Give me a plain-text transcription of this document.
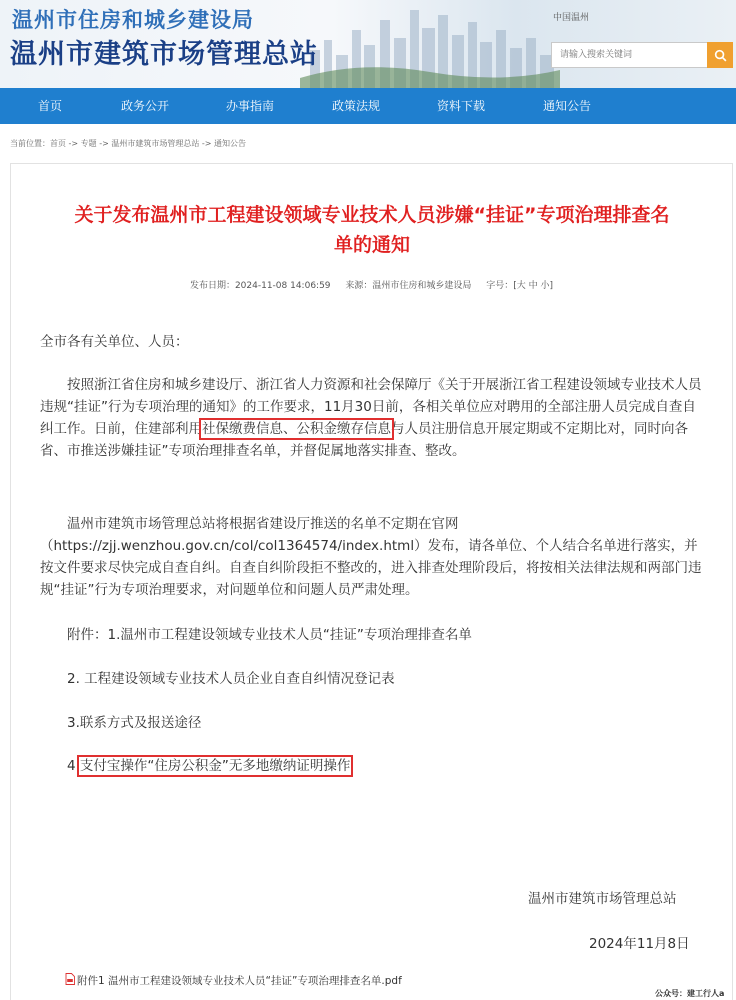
温州市住房和城乡建设局
温州市建筑市场管理总站
中国温州
请输入搜索关键词
首页	政务公开	办事指南	政策法规	资料下载	通知公告
当前位置：首页 -> 专题 -> 温州市建筑市场管理总站 -> 通知公告
关于发布温州市工程建设领域专业技术人员涉嫌“挂证”专项治理排查名
单的通知
发布日期：2024-11-08 14:06:59 来源：温州市住房和城乡建设局 字号：[大 中 小]
全市各有关单位、人员：
按照浙江省住房和城乡建设厅、浙江省人力资源和社会保障厅《关于开展浙江省工程建设领域专业技术人员违规“挂证”行为专项治理的通知》的工作要求，11月30日前，各相关单位应对聘用的全部注册人员完成自查自纠工作。日前，住建部利用社保缴费信息、公积金缴存信息与人员注册信息开展定期或不定期比对，同时向各省、市推送涉嫌挂证”专项治理排查名单，并督促属地落实排查、整改。
温州市建筑市场管理总站将根据省建设厅推送的名单不定期在官网（https://zjj.wenzhou.gov.cn/col/col1364574/index.html）发布，请各单位、个人结合名单进行落实，并按文件要求尽快完成自查自纠。自查自纠阶段拒不整改的，进入排查处理阶段后，将按相关法律法规和两部门违规“挂证”行为专项治理要求，对问题单位和问题人员严肃处理。
附件：1.温州市工程建设领域专业技术人员“挂证”专项治理排查名单
2. 工程建设领域专业技术人员企业自查自纠情况登记表
3.联系方式及报送途径
4.支付宝操作“住房公积金”无多地缴纳证明操作
温州市建筑市场管理总站
2024年11月8日
附件1 温州市工程建设领域专业技术人员“挂证”专项治理排查名单.pdf
公众号：建工行人a
